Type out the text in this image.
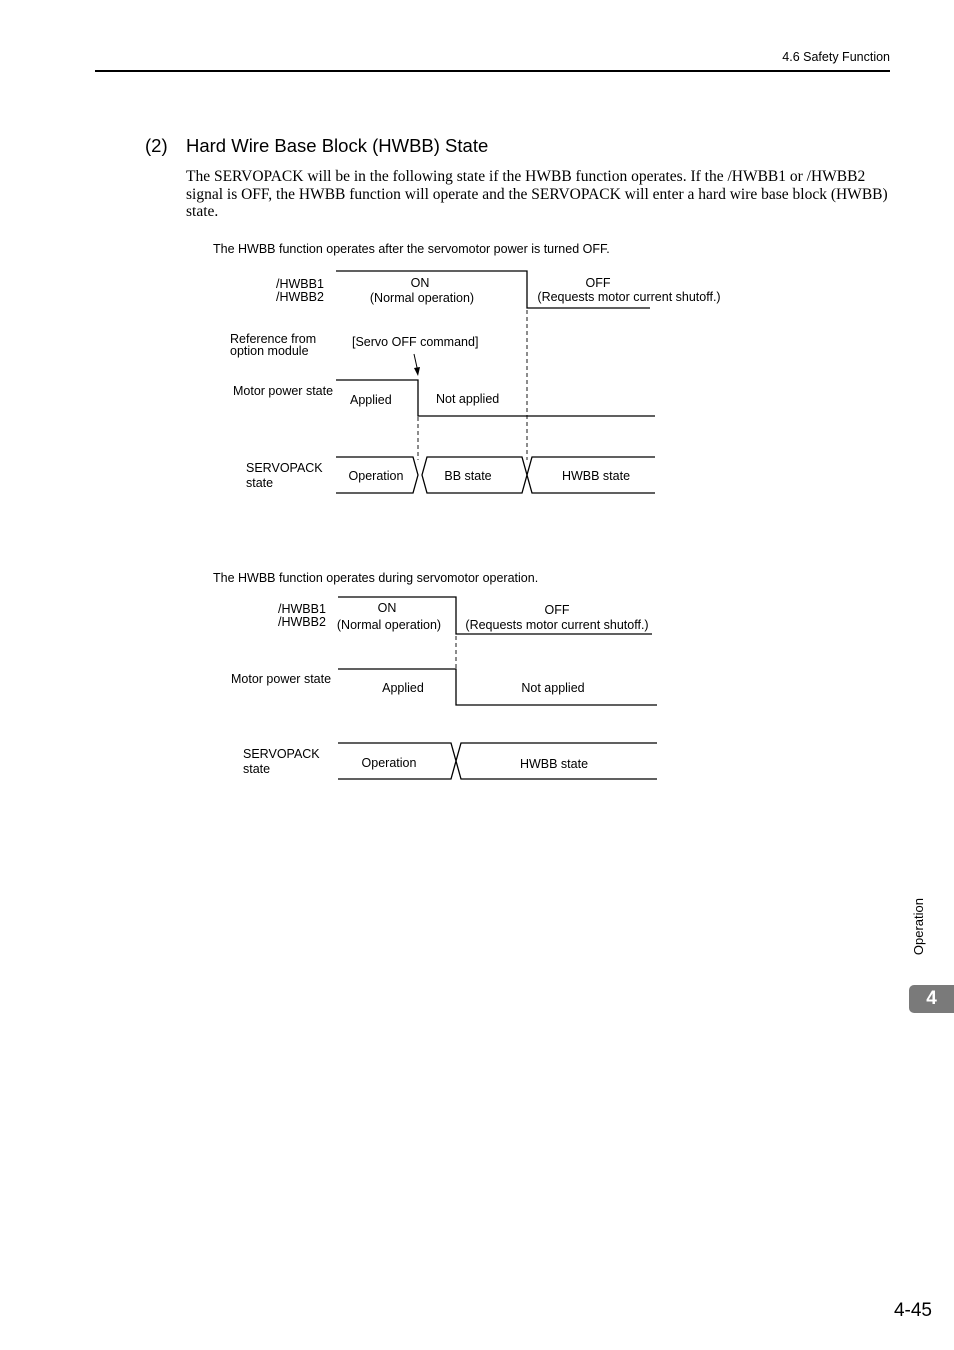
4.6 Safety Function
(2) Hard Wire Base Block (HWBB) State
The SERVOPACK will be in the following state if the HWBB function operates. If the /HWBB1 or /HWBB2 signal is OFF, the HWBB function will operate and the SERVOPACK will enter a hard wire base block (HWBB) state.
The HWBB function operates after the servomotor power is turned OFF.
/HWBB1
/HWBB2
ON
(Normal operation)
OFF
(Requests motor current shutoff.)
Reference from
option module
[Servo OFF command]
Motor power state
Applied	Not applied
SERVOPACK
state	Operation	BB state	HWBB state
The HWBB function operates during servomotor operation.
/HWBB1
/HWBB2
ON
(Normal operation)
OFF
(Requests motor current shutoff.)
Motor power state
Applied	Not applied
SERVOPACK
state	Operation	HWBB state
Operation
4
4-45
